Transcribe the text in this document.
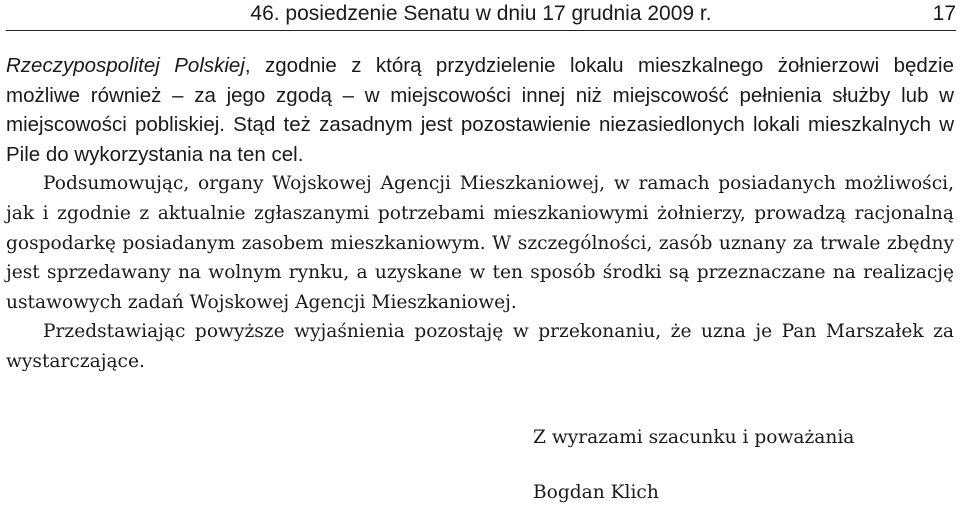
46. posiedzenie Senatu w dniu 17 grudnia 2009 r.	17

Rzeczypospolitej Polskiej, zgodnie z którą przydzielenie lokalu mieszkalnego żołnierzowi będzie możliwe również – za jego zgodą – w miejscowości innej niż miejscowość pełnienia służby lub w miejscowości pobliskiej. Stąd też zasadnym jest pozostawienie niezasiedlonych lokali mieszkalnych w Pile do wykorzystania na ten cel.

Podsumowując, organy Wojskowej Agencji Mieszkaniowej, w ramach posiadanych możliwości, jak i zgodnie z aktualnie zgłaszanymi potrzebami mieszkaniowymi żołnierzy, prowadzą racjonalną gospodarkę posiadanym zasobem mieszkaniowym. W szczególności, zasób uznany za trwale zbędny jest sprzedawany na wolnym rynku, a uzyskane w ten sposób środki są przeznaczane na realizację ustawowych zadań Wojskowej Agencji Mieszkaniowej.

Przedstawiając powyższe wyjaśnienia pozostaję w przekonaniu, że uzna je Pan Marszałek za wystarczające.

Z wyrazami szacunku i poważania
Bogdan Klich
